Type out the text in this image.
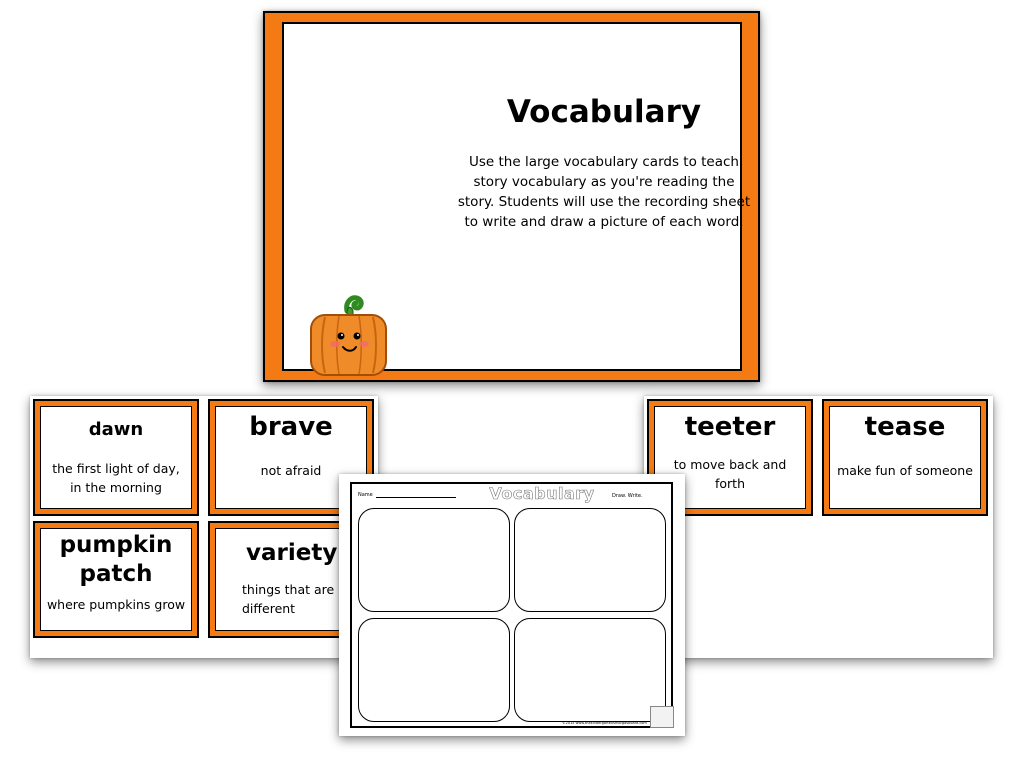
Vocabulary
Use the large vocabulary cards to teach story vocabulary as you're reading the story. Students will use the recording sheet to write and draw a picture of each word.
dawn
the first light of day, in the morning
brave
not afraid
pumpkin
patch
where pumpkins grow
variety
things that are different
teeter
to move back and forth
tease
make fun of someone
Name	Vocabulary	Draw. Write.
©2015 www.thekindergartensmorgasboard.com
